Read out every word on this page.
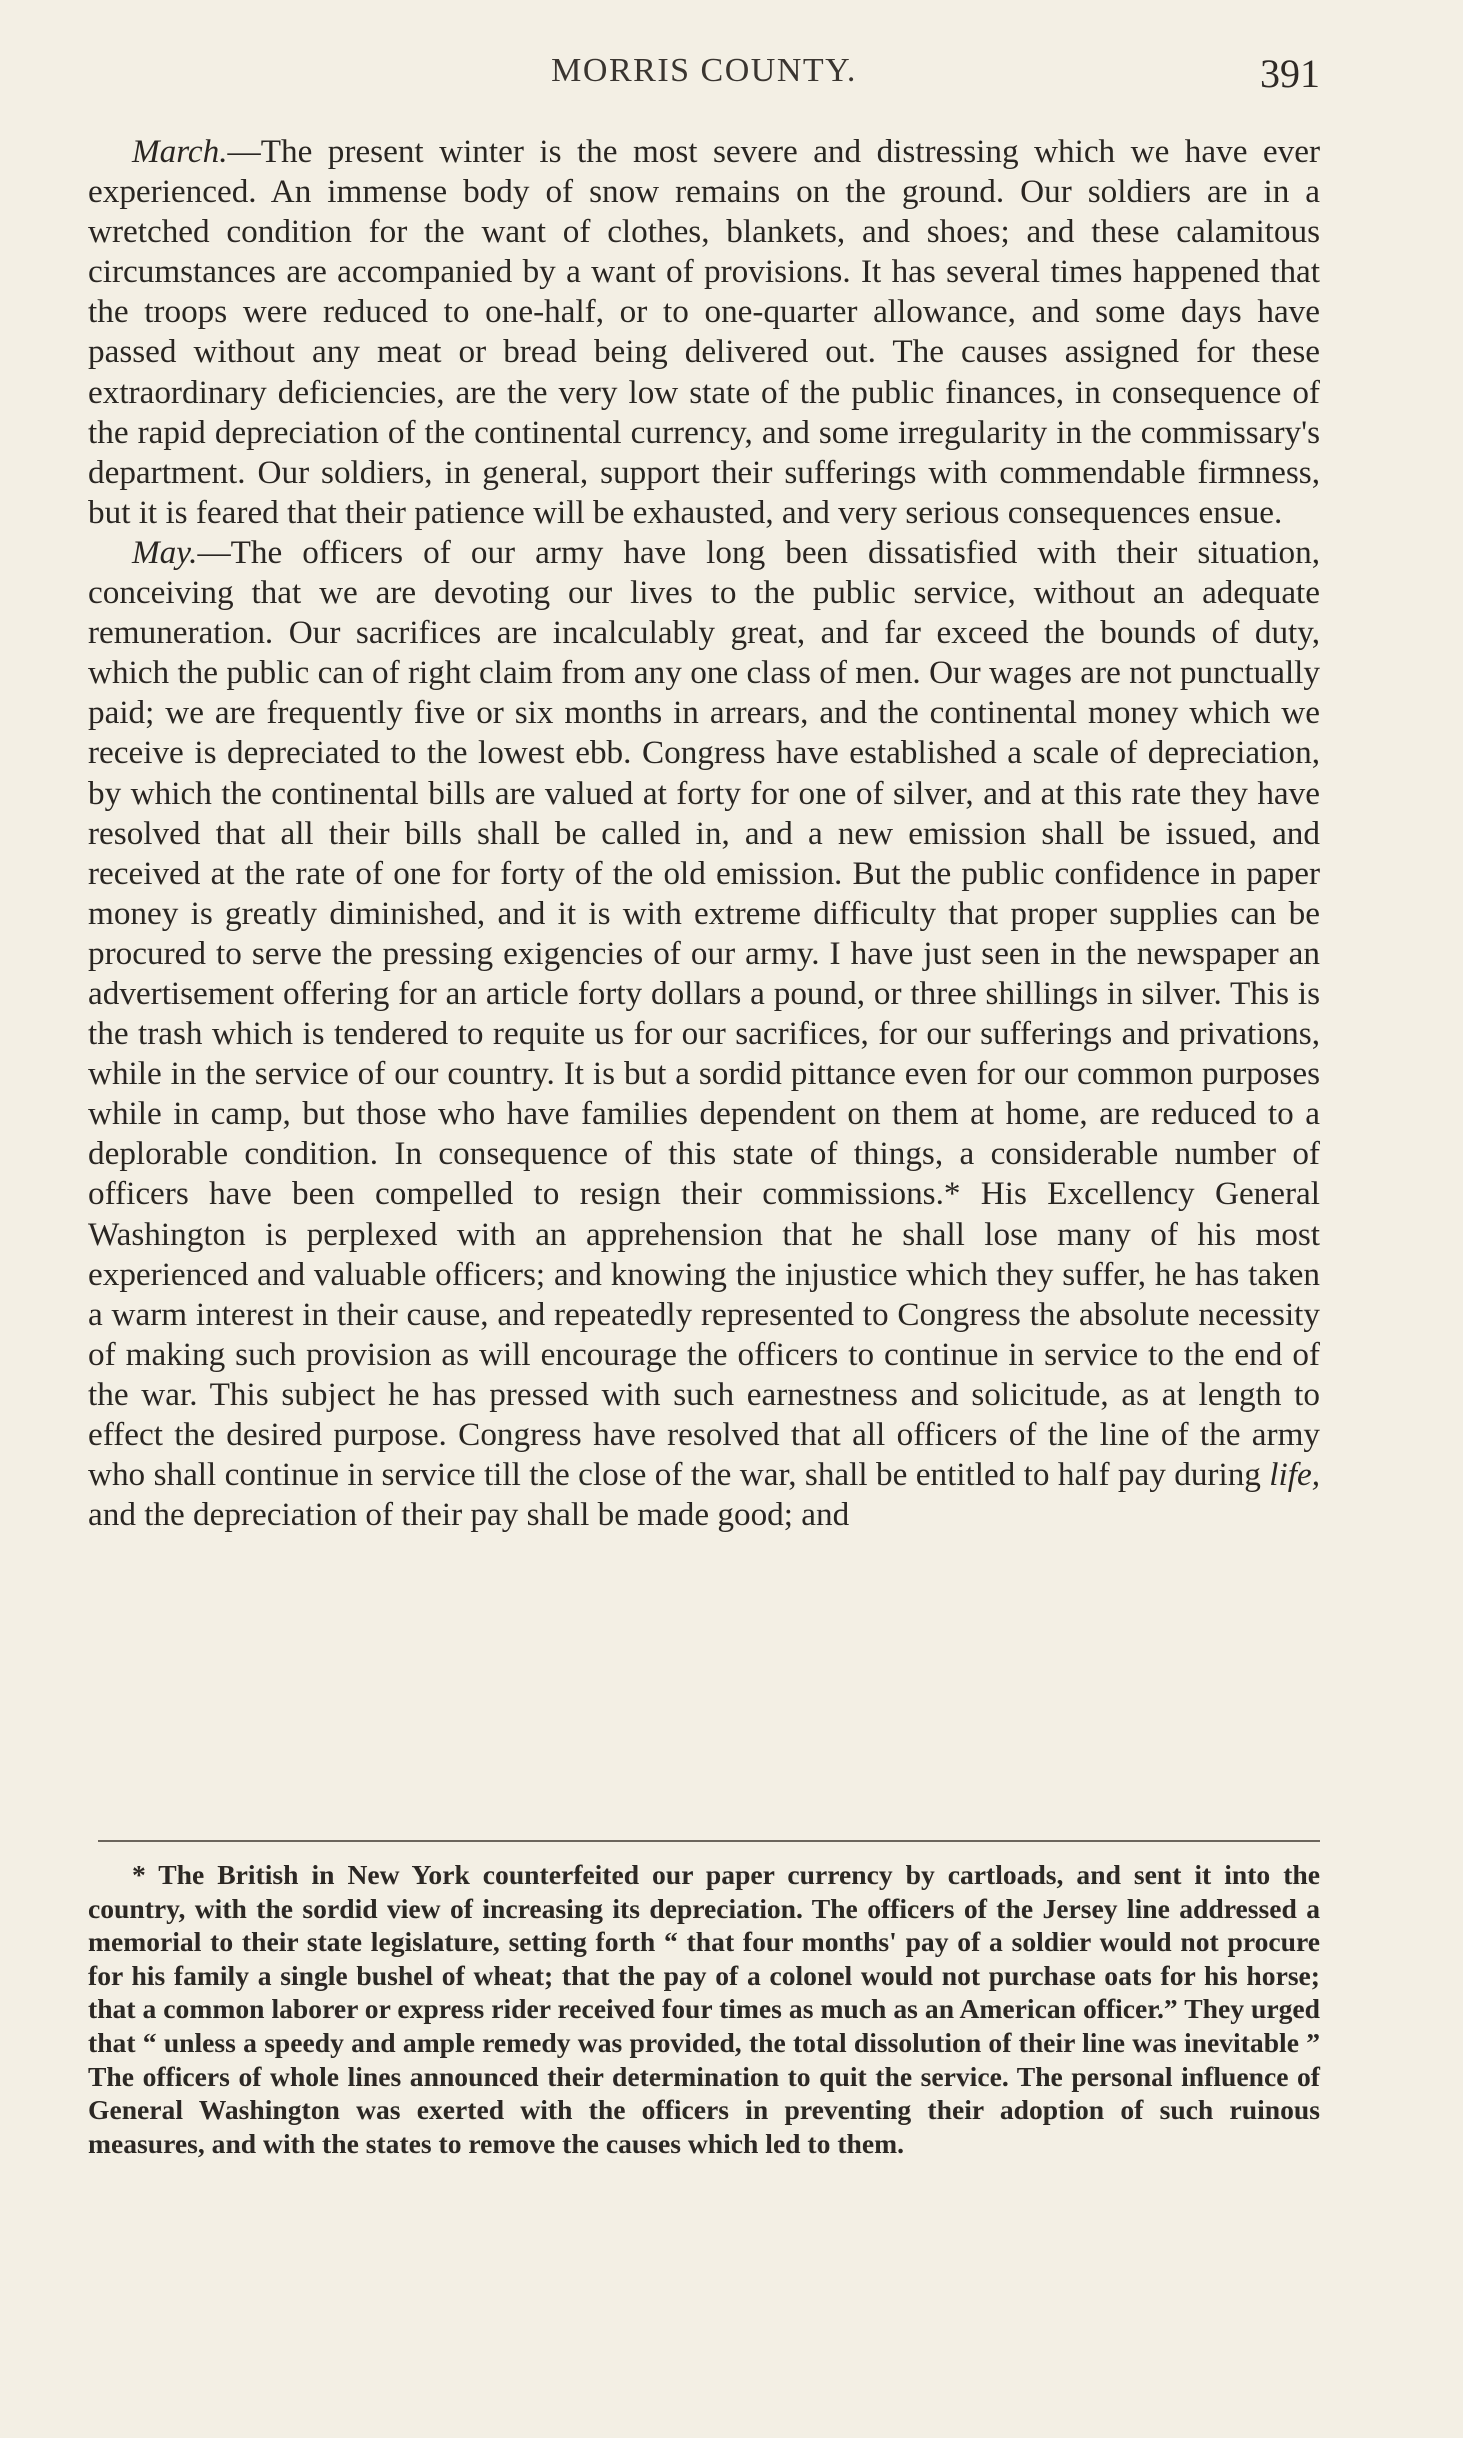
MORRIS COUNTY.	391

March.—The present winter is the most severe and distressing which we have ever experienced. An immense body of snow remains on the ground. Our soldiers are in a wretched condition for the want of clothes, blankets, and shoes; and these calamitous circumstances are accompanied by a want of provisions. It has several times happened that the troops were reduced to one-half, or to one-quarter allowance, and some days have passed without any meat or bread being delivered out. The causes assigned for these extraordinary deficiencies, are the very low state of the public finances, in consequence of the rapid depreciation of the continental currency, and some irregularity in the commissary's department. Our soldiers, in general, support their sufferings with commendable firmness, but it is feared that their patience will be exhausted, and very serious consequences ensue.

May.—The officers of our army have long been dissatisfied with their situation, conceiving that we are devoting our lives to the public service, without an adequate remuneration. Our sacrifices are incalculably great, and far exceed the bounds of duty, which the public can of right claim from any one class of men. Our wages are not punctually paid; we are frequently five or six months in arrears, and the continental money which we receive is depreciated to the lowest ebb. Congress have established a scale of depreciation, by which the continental bills are valued at forty for one of silver, and at this rate they have resolved that all their bills shall be called in, and a new emission shall be issued, and received at the rate of one for forty of the old emission. But the public confidence in paper money is greatly diminished, and it is with extreme difficulty that proper supplies can be procured to serve the pressing exigencies of our army. I have just seen in the newspaper an advertisement offering for an article forty dollars a pound, or three shillings in silver. This is the trash which is tendered to requite us for our sacrifices, for our sufferings and privations, while in the service of our country. It is but a sordid pittance even for our common purposes while in camp, but those who have families dependent on them at home, are reduced to a deplorable condition. In consequence of this state of things, a considerable number of officers have been compelled to resign their commissions.* His Excellency General Washington is perplexed with an apprehension that he shall lose many of his most experienced and valuable officers; and knowing the injustice which they suffer, he has taken a warm interest in their cause, and repeatedly represented to Congress the absolute necessity of making such provision as will encourage the officers to continue in service to the end of the war. This subject he has pressed with such earnestness and solicitude, as at length to effect the desired purpose. Congress have resolved that all officers of the line of the army who shall continue in service till the close of the war, shall be entitled to half pay during life, and the depreciation of their pay shall be made good; and

* The British in New York counterfeited our paper currency by cartloads, and sent it into the country, with the sordid view of increasing its depreciation. The officers of the Jersey line addressed a memorial to their state legislature, setting forth “ that four months' pay of a soldier would not procure for his family a single bushel of wheat; that the pay of a colonel would not purchase oats for his horse; that a common laborer or express rider received four times as much as an American officer.” They urged that “ unless a speedy and ample remedy was provided, the total dissolution of their line was inevitable ” The officers of whole lines announced their determination to quit the service. The personal influence of General Washington was exerted with the officers in preventing their adoption of such ruinous measures, and with the states to remove the causes which led to them.
